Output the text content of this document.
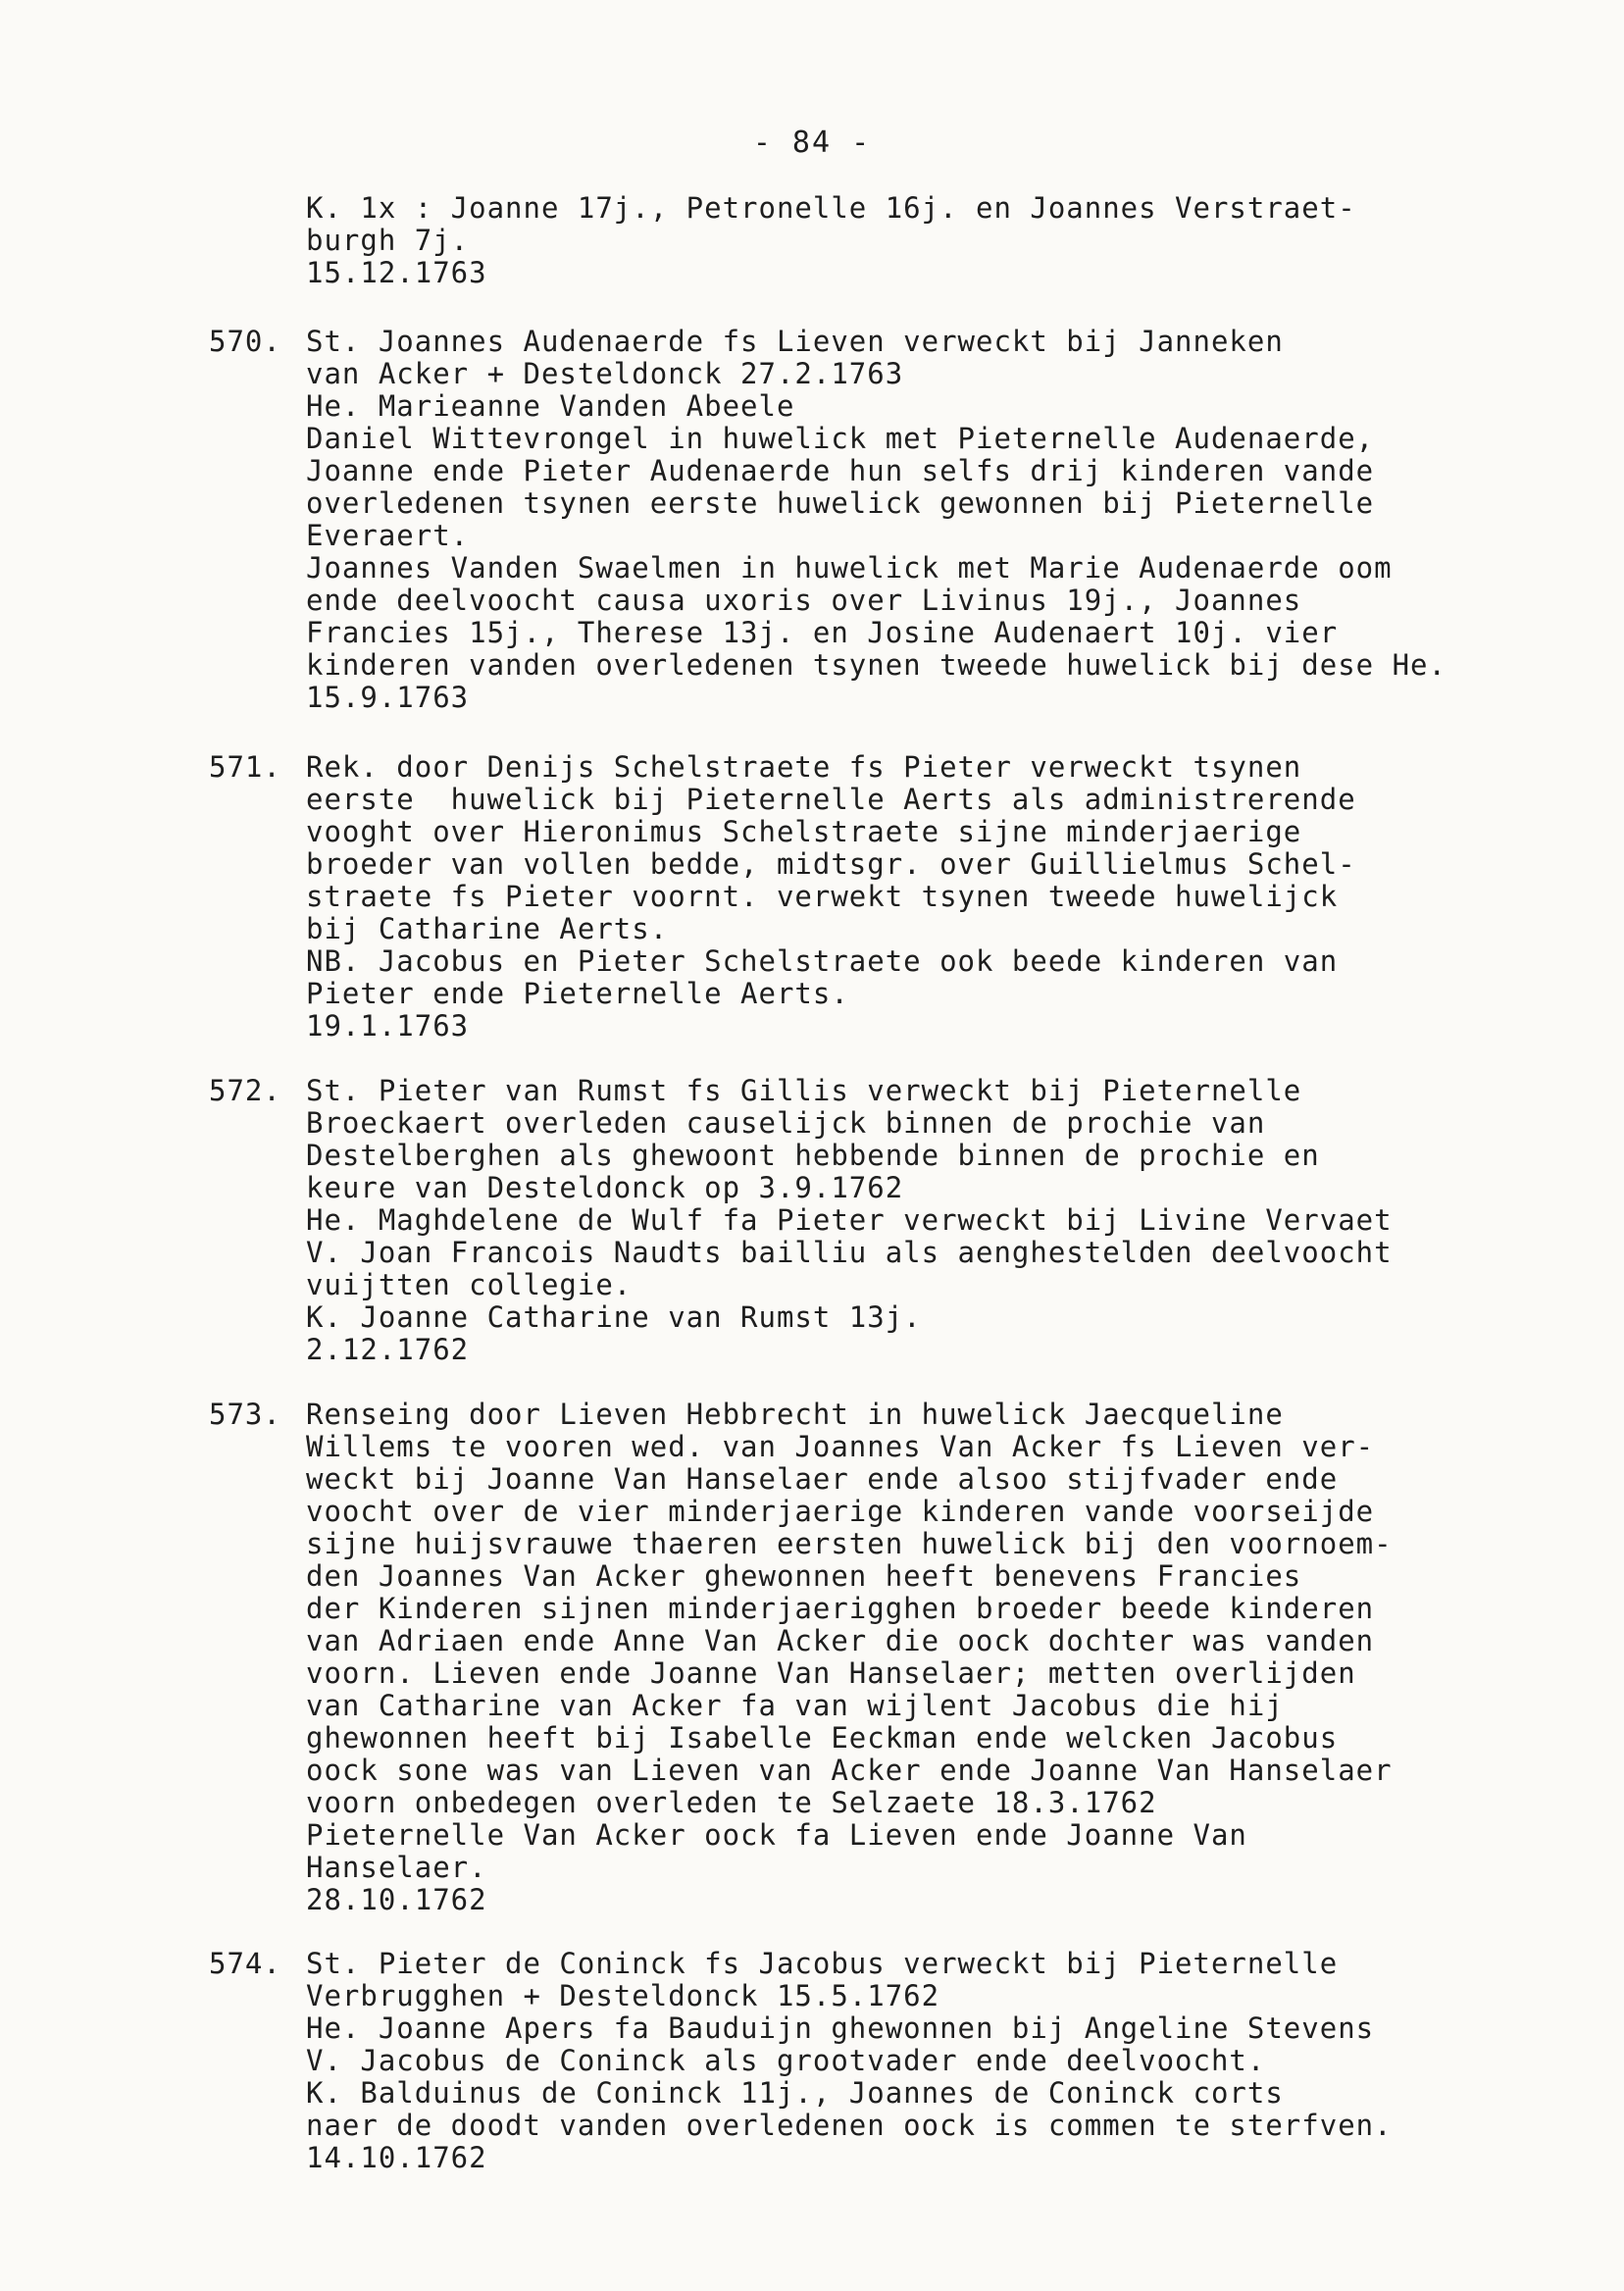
- 84 -
K. 1x : Joanne 17j., Petronelle 16j. en Joannes Verstraet-
burgh 7j.
15.12.1763
570. St. Joannes Audenaerde fs Lieven verweckt bij Janneken
van Acker + Desteldonck 27.2.1763
He. Marieanne Vanden Abeele
Daniel Wittevrongel in huwelick met Pieternelle Audenaerde,
Joanne ende Pieter Audenaerde hun selfs drij kinderen vande
overledenen tsynen eerste huwelick gewonnen bij Pieternelle
Everaert.
Joannes Vanden Swaelmen in huwelick met Marie Audenaerde oom
ende deelvoocht causa uxoris over Livinus 19j., Joannes
Francies 15j., Therese 13j. en Josine Audenaert 10j. vier
kinderen vanden overledenen tsynen tweede huwelick bij dese He.
15.9.1763
571. Rek. door Denijs Schelstraete fs Pieter verweckt tsynen
eerste  huwelick bij Pieternelle Aerts als administrerende
vooght over Hieronimus Schelstraete sijne minderjaerige
broeder van vollen bedde, midtsgr. over Guillielmus Schel-
straete fs Pieter voornt. verwekt tsynen tweede huwelijck
bij Catharine Aerts.
NB. Jacobus en Pieter Schelstraete ook beede kinderen van
Pieter ende Pieternelle Aerts.
19.1.1763
572. St. Pieter van Rumst fs Gillis verweckt bij Pieternelle
Broeckaert overleden causelijck binnen de prochie van
Destelberghen als ghewoont hebbende binnen de prochie en
keure van Desteldonck op 3.9.1762
He. Maghdelene de Wulf fa Pieter verweckt bij Livine Vervaet
V. Joan Francois Naudts bailliu als aenghestelden deelvoocht
vuijtten collegie.
K. Joanne Catharine van Rumst 13j.
2.12.1762
573. Renseing door Lieven Hebbrecht in huwelick Jaecqueline
Willems te vooren wed. van Joannes Van Acker fs Lieven ver-
weckt bij Joanne Van Hanselaer ende alsoo stijfvader ende
voocht over de vier minderjaerige kinderen vande voorseijde
sijne huijsvrauwe thaeren eersten huwelick bij den voornoem-
den Joannes Van Acker ghewonnen heeft benevens Francies
der Kinderen sijnen minderjaerigghen broeder beede kinderen
van Adriaen ende Anne Van Acker die oock dochter was vanden
voorn. Lieven ende Joanne Van Hanselaer; metten overlijden
van Catharine van Acker fa van wijlent Jacobus die hij
ghewonnen heeft bij Isabelle Eeckman ende welcken Jacobus
oock sone was van Lieven van Acker ende Joanne Van Hanselaer
voorn onbedegen overleden te Selzaete 18.3.1762
Pieternelle Van Acker oock fa Lieven ende Joanne Van
Hanselaer.
28.10.1762
574. St. Pieter de Coninck fs Jacobus verweckt bij Pieternelle
Verbrugghen + Desteldonck 15.5.1762
He. Joanne Apers fa Bauduijn ghewonnen bij Angeline Stevens
V. Jacobus de Coninck als grootvader ende deelvoocht.
K. Balduinus de Coninck 11j., Joannes de Coninck corts
naer de doodt vanden overledenen oock is commen te sterfven.
14.10.1762
